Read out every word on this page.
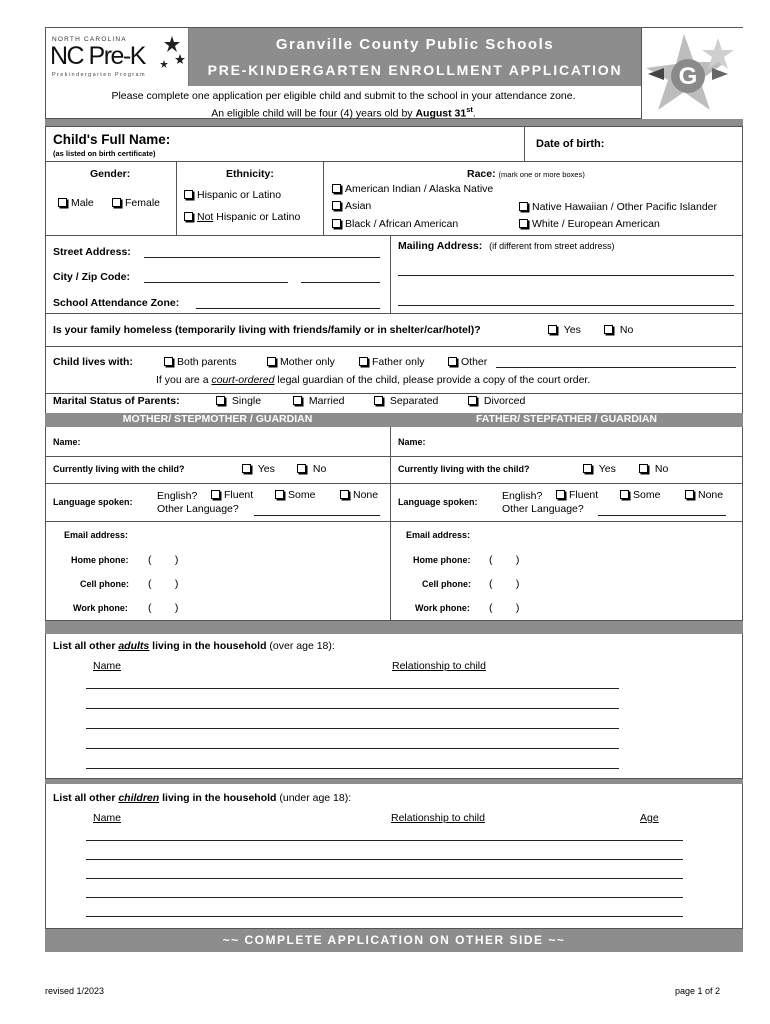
NORTH CAROLINA
NC Pre-K
Prekindergarten Program
Granville County Public Schools
PRE-KINDERGARTEN ENROLLMENT APPLICATION
Please complete one application per eligible child and submit to the school in your attendance zone.
An eligible child will be four (4) years old by August 31st.
G
Child's Full Name:
(as listed on birth certificate)
Date of birth:
Gender:
Male	Female
Ethnicity:
Hispanic or Latino
Not Hispanic or Latino
Race: (mark one or more boxes)
American Indian / Alaska Native
Asian
Black / African American
Native Hawaiian / Other Pacific Islander
White / European American
Street Address:
City / Zip Code:
School Attendance Zone:
Mailing Address: (if different from street address)
Is your family homeless (temporarily living with friends/family or in shelter/car/hotel)?	Yes	No
Child lives with:	Both parents	Mother only	Father only	Other
If you are a court-ordered legal guardian of the child, please provide a copy of the court order.
Marital Status of Parents:	Single	Married	Separated	Divorced
MOTHER/ STEPMOTHER / GUARDIAN	FATHER/ STEPFATHER / GUARDIAN
Name:
Currently living with the child?	Yes	No
Language spoken: English?	Fluent	Some	None
Other Language?
Email address:
Home phone: (        )
Cell phone: (        )
Work phone: (        )
Name:
Currently living with the child?	Yes	No
Language spoken: English?	Fluent	Some	None
Other Language?
Email address:
Home phone: (        )
Cell phone: (        )
Work phone: (        )
List all other adults living in the household (over age 18):
Name	Relationship to child
List all other children living in the household (under age 18):
Name	Relationship to child	Age
~~ COMPLETE APPLICATION ON OTHER SIDE ~~
revised 1/2023	page 1 of 2
